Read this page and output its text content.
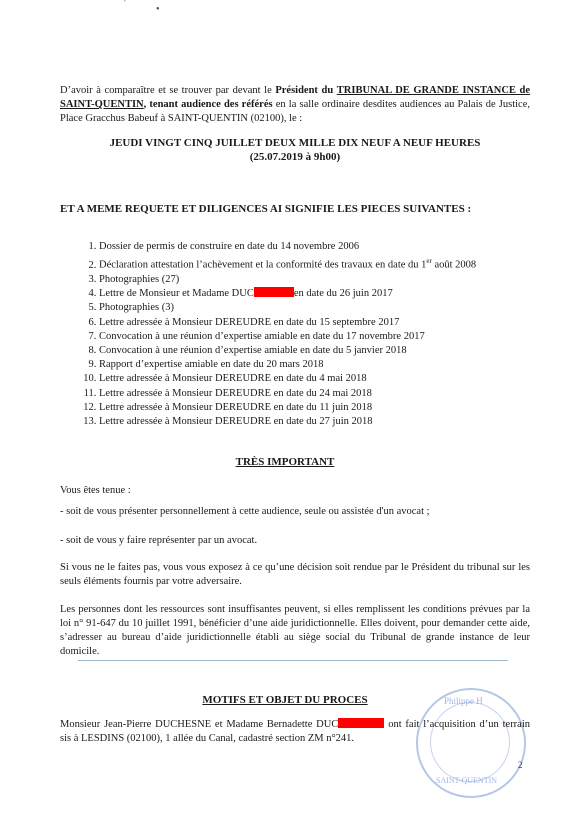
'
•
D’avoir à comparaître et se trouver par devant le Président du TRIBUNAL DE GRANDE INSTANCE de SAINT-QUENTIN, tenant audience des référés en la salle ordinaire desdites audiences au Palais de Justice, Place Gracchus Babeuf à SAINT-QUENTIN (02100), le :
JEUDI VINGT CINQ JUILLET DEUX MILLE DIX NEUF A NEUF HEURES
(25.07.2019 à 9h00)
ET A MEME REQUETE ET DILIGENCES AI SIGNIFIE LES PIECES SUIVANTES :
1. Dossier de permis de construire en date du 14 novembre 2006
2. Déclaration attestation l’achèvement et la conformité des travaux en date du 1er août 2008
3. Photographies (27)
4. Lettre de Monsieur et Madame DUC	en date du 26 juin 2017
5. Photographies (3)
6. Lettre adressée à Monsieur DEREUDRE en date du 15 septembre 2017
7. Convocation à une réunion d’expertise amiable en date du 17 novembre 2017
8. Convocation à une réunion d’expertise amiable en date du 5 janvier 2018
9. Rapport d’expertise amiable en date du 20 mars 2018
10. Lettre adressée à Monsieur DEREUDRE en date du 4 mai 2018
11. Lettre adressée à Monsieur DEREUDRE en date du 24 mai 2018
12. Lettre adressée à Monsieur DEREUDRE en date du 11 juin 2018
13. Lettre adressée à Monsieur DEREUDRE en date du 27 juin 2018
TRÈS IMPORTANT
Vous êtes tenue :
- soit de vous présenter personnellement à cette audience, seule ou assistée d'un avocat ;
- soit de vous y faire représenter par un avocat.
Si vous ne le faites pas, vous vous exposez à ce qu’une décision soit rendue par le Président du tribunal sur les seuls éléments fournis par votre adversaire.
Les personnes dont les ressources sont insuffisantes peuvent, si elles remplissent les conditions prévues par la loi n° 91-647 du 10 juillet 1991, bénéficier d’une aide juridictionnelle. Elles doivent, pour demander cette aide, s’adresser au bureau d’aide juridictionnelle établi au siège social du Tribunal de grande instance de leur domicile.
Philippe H
SAINT-QUENTIN
MOTIFS ET OBJET DU PROCES
Monsieur Jean-Pierre DUCHESNE et Madame Bernadette DUC	ont fait l’acquisition d’un terrain sis à LESDINS (02100), 1 allée du Canal, cadastré section ZM n°241.
2
